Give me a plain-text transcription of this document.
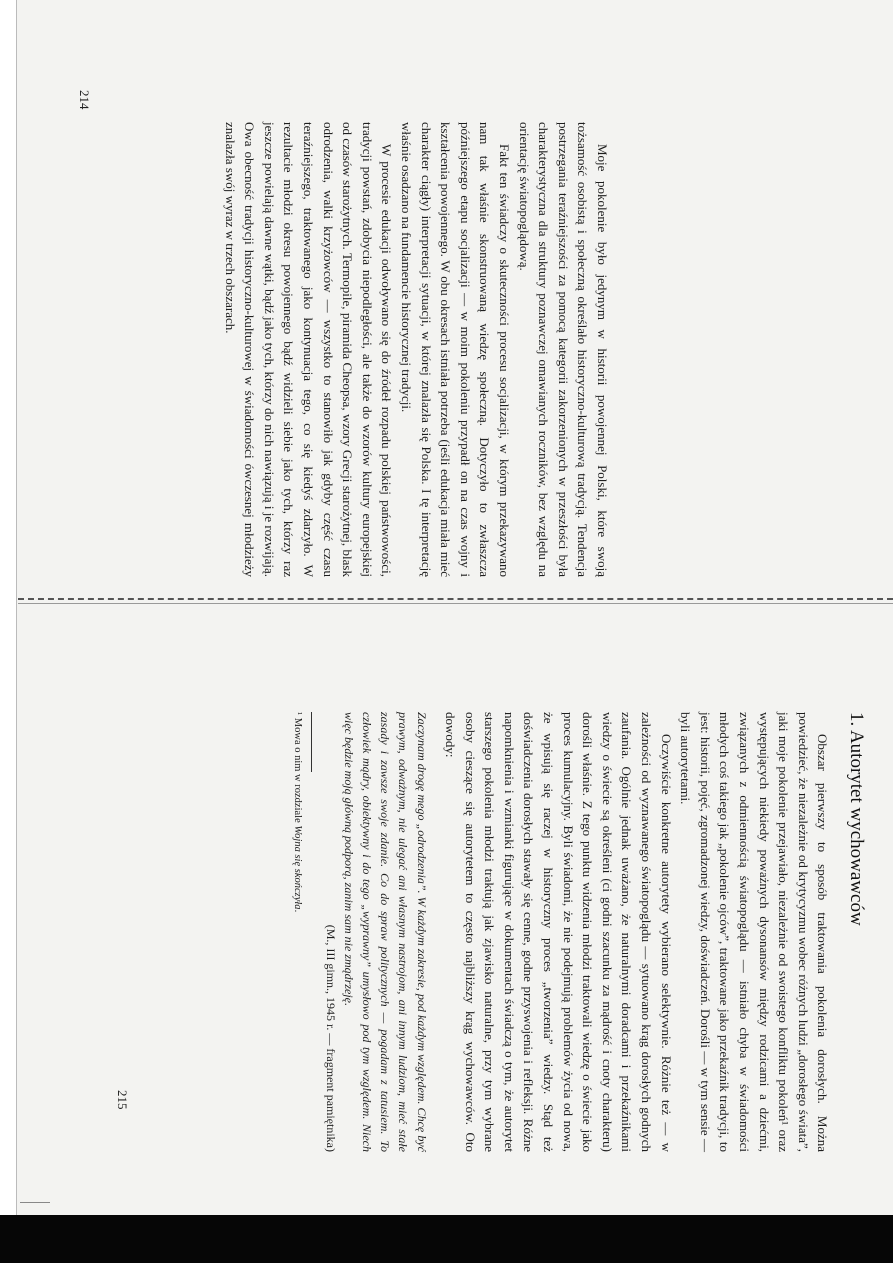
Moje pokolenie było jedynym w historii powojennej Polski, które swoją tożsamość osobistą i społeczną określało historyczno-kulturową tradycją. Tendencja postrzegania teraźniejszości za pomocą kategorii zakorzenionych w przeszłości była charakterystyczna dla struktury poznawczej omawianych roczników, bez względu na orientację światopoglądową.

Fakt ten świadczy o skuteczności procesu socjalizacji, w którym przekazywano nam tak właśnie skonstruowaną wiedzę społeczną. Dotyczyło to zwłaszcza późniejszego etapu socjalizacji — w moim pokoleniu przypadł on na czas wojny i kształcenia powojennego. W obu okresach istniała potrzeba (jeśli edukacja miała mieć charakter ciągły) interpretacji sytuacji, w której znalazła się Polska. I tę interpretację właśnie osadzano na fundamencie historycznej tradycji.

W procesie edukacji odwoływano się do źródeł rozpadu polskiej państwowości, tradycji powstań, zdobycia niepodległości, ale także do wzorów kultury europejskiej od czasów starożytnych. Termopile, piramida Cheopsa, wzory Grecji starożytnej, blask odrodzenia, walki krzyżowców — wszystko to stanowiło jak gdyby część czasu teraźniejszego, traktowanego jako kontynuacja tego, co się kiedyś zdarzyło. W rezultacie młodzi okresu powojennego bądź widzieli siebie jako tych, którzy raz jeszcze powielają dawne wątki, bądź jako tych, którzy do nich nawiązują i je rozwijają. Owa obecność tradycji historyczno-kulturowej w świadomości ówczesnej młodzieży znalazła swój wyraz w trzech obszarach.

214
1. Autorytet wychowawców

Obszar pierwszy to sposób traktowania pokolenia dorosłych. Można powiedzieć, że niezależnie od krytycyzmu wobec różnych ludzi „dorosłego świata”, jaki moje pokolenie przejawiało, niezależnie od swoistego konfliktu pokoleń¹ oraz występujących niekiedy poważnych dysonansów między rodzicami a dziećmi, związanych z odmiennością światopoglądu — istniało chyba w świadomości młodych coś takiego jak „pokolenie ojców”, traktowane jako przekaźnik tradycji, to jest: historii, pojęć, zgromadzonej wiedzy, doświadczeń. Dorośli — w tym sensie — byli autorytetami.

Oczywiście konkretne autorytety wybierano selektywnie. Różnie też — w zależności od wyznawanego światopoglądu — sytuowano krąg dorosłych godnych zaufania. Ogólnie jednak uważano, że naturalnymi doradcami i przekaźnikami wiedzy o świecie są określeni (ci godni szacunku za mądrość i cnoty charakteru) dorośli właśnie. Z tego punktu widzenia młodzi traktowali wiedzę o świecie jako proces kumulacyjny. Byli świadomi, że nie podejmują problemów życia od nowa, że wpisują się raczej w historyczny proces „tworzenia” wiedzy. Stąd też doświadczenia dorosłych stawały się cenne, godne przyswojenia i refleksji. Różne napomknienia i wzmianki figurujące w dokumentach świadczą o tym, że autorytet starszego pokolenia młodzi traktują jak zjawisko naturalne, przy tym wybrane osoby cieszące się autorytetem to często najbliższy krąg wychowawców. Oto dowody:

Zaczynam drogę mego „odrodzenia”. W każdym zakresie, pod każdym względem. Chcę być prawym, odważnym, nie ulegać ani własnym nastrojom, ani innym ludziom, mieć stałe zasady i zawsze swoje zdanie. Co do spraw politycznych — pogadam z tatusiem. To człowiek mądry, obiektywny i do tego „wyprawny” umysłowo pod tym względem. Niech więc będzie moją główną podporą, zanim sam nie zmądrzeję.
(M., III gimn., 1945 r. — fragment pamiętnika)
¹ Mowa o nim w rozdziale Wojna się skończyła.
215
